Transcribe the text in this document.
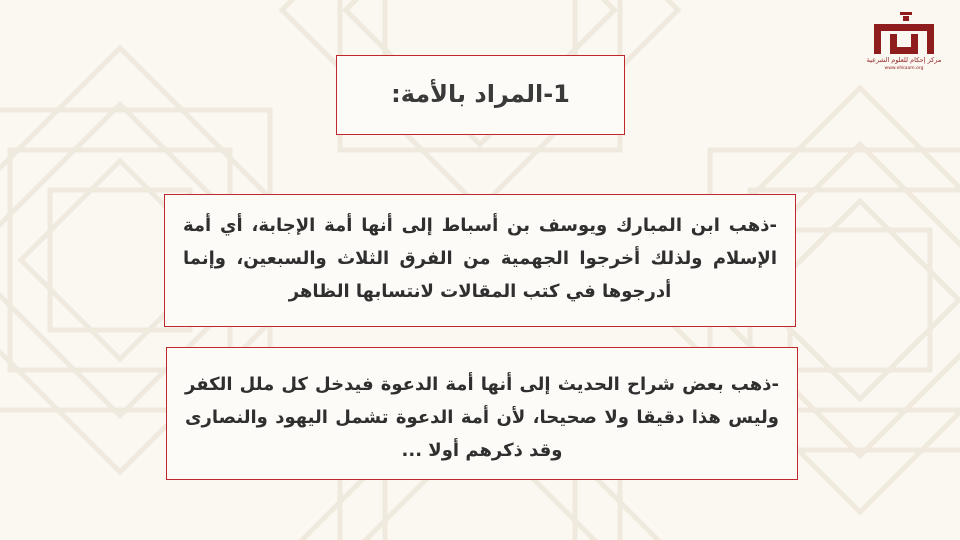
مركز إحكام للعلوم الشرعية
www.ehkaam.org
1-المراد بالأمة:
-ذهب ابن المبارك ويوسف بن أسباط إلى أنها أمة الإجابة، أي أمة
الإسلام ولذلك أخرجوا الجهمية من الفرق الثلاث والسبعين، وإنما
أدرجوها في كتب المقالات لانتسابها الظاهر
-ذهب بعض شراح الحديث إلى أنها أمة الدعوة فيدخل كل ملل الكفر
وليس هذا دقيقا ولا صحيحا، لأن أمة الدعوة تشمل اليهود والنصارى
وقد ذكرهم أولا ...
